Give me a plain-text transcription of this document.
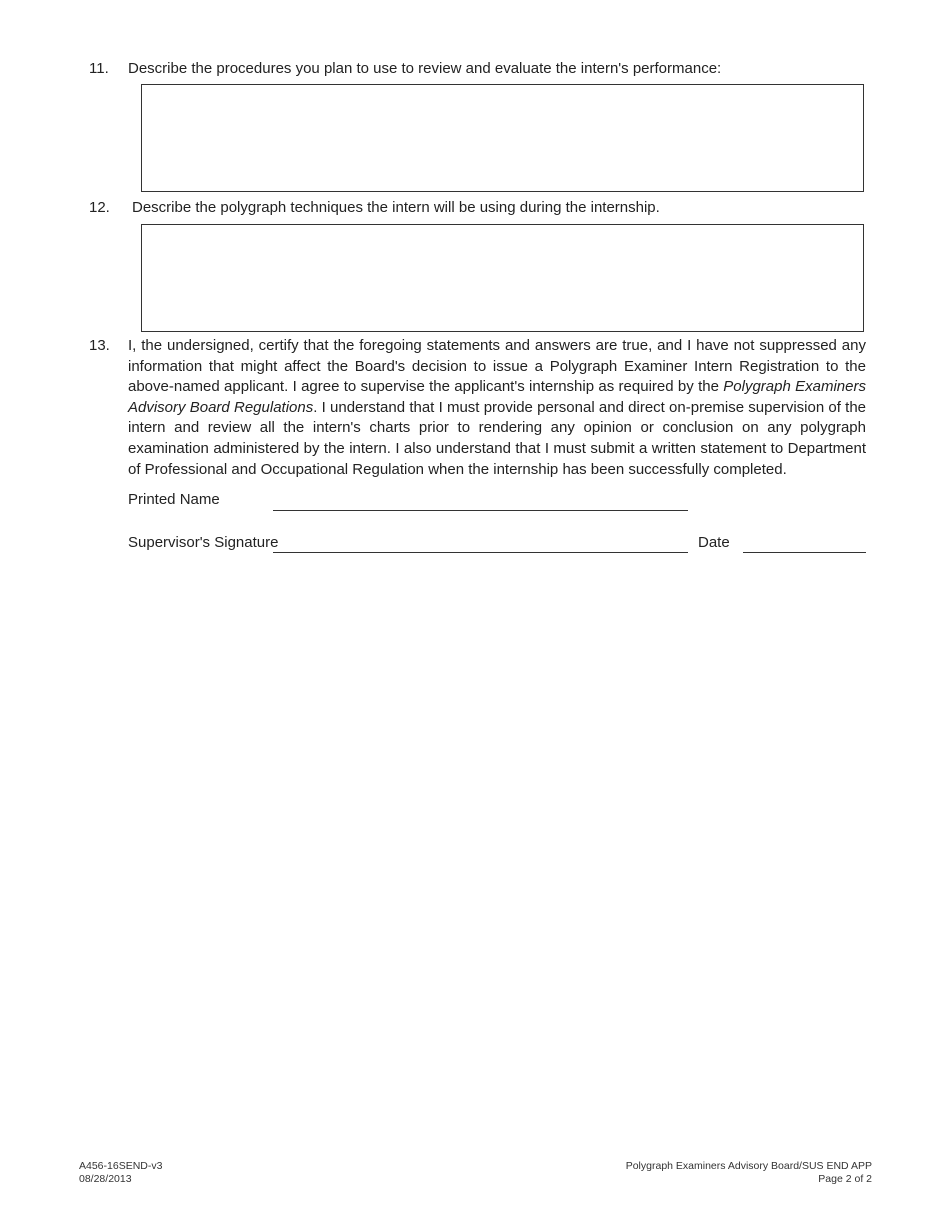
11. Describe the procedures you plan to use to review and evaluate the intern's performance:
12. Describe the polygraph techniques the intern will be using during the internship.
13. I, the undersigned, certify that the foregoing statements and answers are true, and I have not suppressed any information that might affect the Board's decision to issue a Polygraph Examiner Intern Registration to the above-named applicant. I agree to supervise the applicant's internship as required by the Polygraph Examiners Advisory Board Regulations. I understand that I must provide personal and direct on-premise supervision of the intern and review all the intern's charts prior to rendering any opinion or conclusion on any polygraph examination administered by the intern. I also understand that I must submit a written statement to Department of Professional and Occupational Regulation when the internship has been successfully completed.
Printed Name
Supervisor's Signature	Date
A456-16SEND-v3
08/28/2013
Polygraph Examiners Advisory Board/SUS END APP
Page 2 of 2
